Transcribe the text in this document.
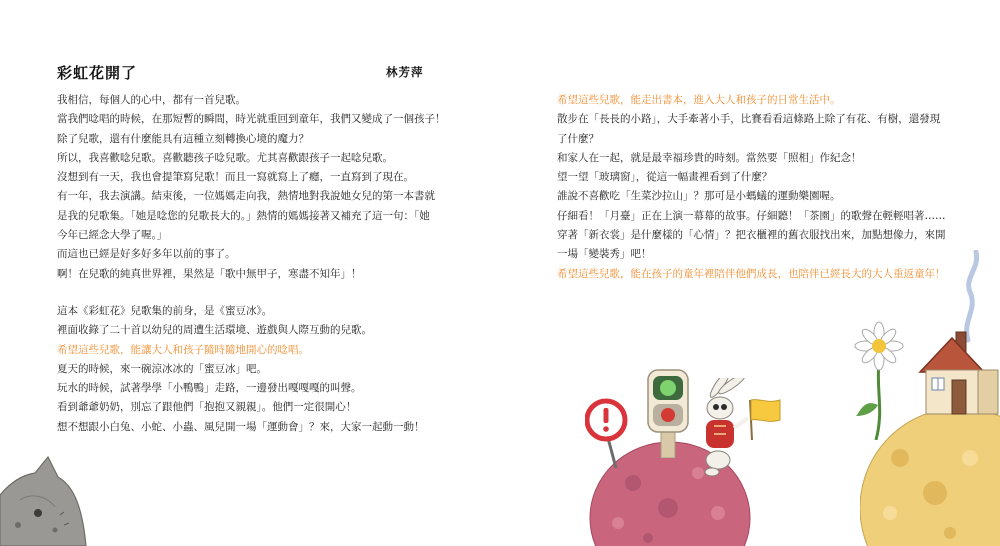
彩虹花開了	林芳萍
我相信，每個人的心中，都有一首兒歌。
當我們唸唱的時候，在那短暫的瞬間，時光就重回到童年，我們又變成了一個孩子！
除了兒歌，還有什麼能具有這種立刻轉換心境的魔力？
所以，我喜歡唸兒歌。喜歡聽孩子唸兒歌。尤其喜歡跟孩子一起唸兒歌。
沒想到有一天，我也會提筆寫兒歌！而且一寫就寫上了癮，一直寫到了現在。
有一年，我去演講。結束後，一位媽媽走向我，熱情地對我說她女兒的第一本書就
是我的兒歌集。「她是唸您的兒歌長大的。」熱情的媽媽接著又補充了這一句：「她
今年已經念大學了喔。」
而這也已經是好多好多年以前的事了。
啊！在兒歌的純真世界裡，果然是「歌中無甲子，寒盡不知年」！
這本《彩虹花》兒歌集的前身，是《蜜豆冰》。
裡面收錄了二十首以幼兒的周遭生活環境、遊戲與人際互動的兒歌。
希望這些兒歌，能讓大人和孩子隨時隨地開心的唸唱。
夏天的時候，來一碗涼冰冰的「蜜豆冰」吧。
玩水的時候，試著學學「小鴨鴨」走路，一邊發出嘎嘎嘎的叫聲。
看到爺爺奶奶，別忘了跟他們「抱抱又親親」。他們一定很開心！
想不想跟小白兔、小蛇、小蟲、風兒開一場「運動會」？來，大家一起動一動！
希望這些兒歌，能走出書本，進入大人和孩子的日常生活中。
散步在「長長的小路」，大手牽著小手，比賽看看這條路上除了有花、有樹，還發現
了什麼？
和家人在一起，就是最幸福珍貴的時刻。當然要「照相」作紀念！
望一望「玻璃窗」，從這一幅畫裡看到了什麼？
誰說不喜歡吃「生菜沙拉山」？那可是小螞蟻的運動樂園喔。
仔細看！「月臺」正在上演一幕幕的故事。仔細聽！「茶園」的歌聲在輕輕唱著……
穿著「新衣裳」是什麼樣的「心情」？把衣櫃裡的舊衣服找出來，加點想像力，來開
一場「變裝秀」吧！
希望這些兒歌，能在孩子的童年裡陪伴他們成長，也陪伴已經長大的大人重返童年！
